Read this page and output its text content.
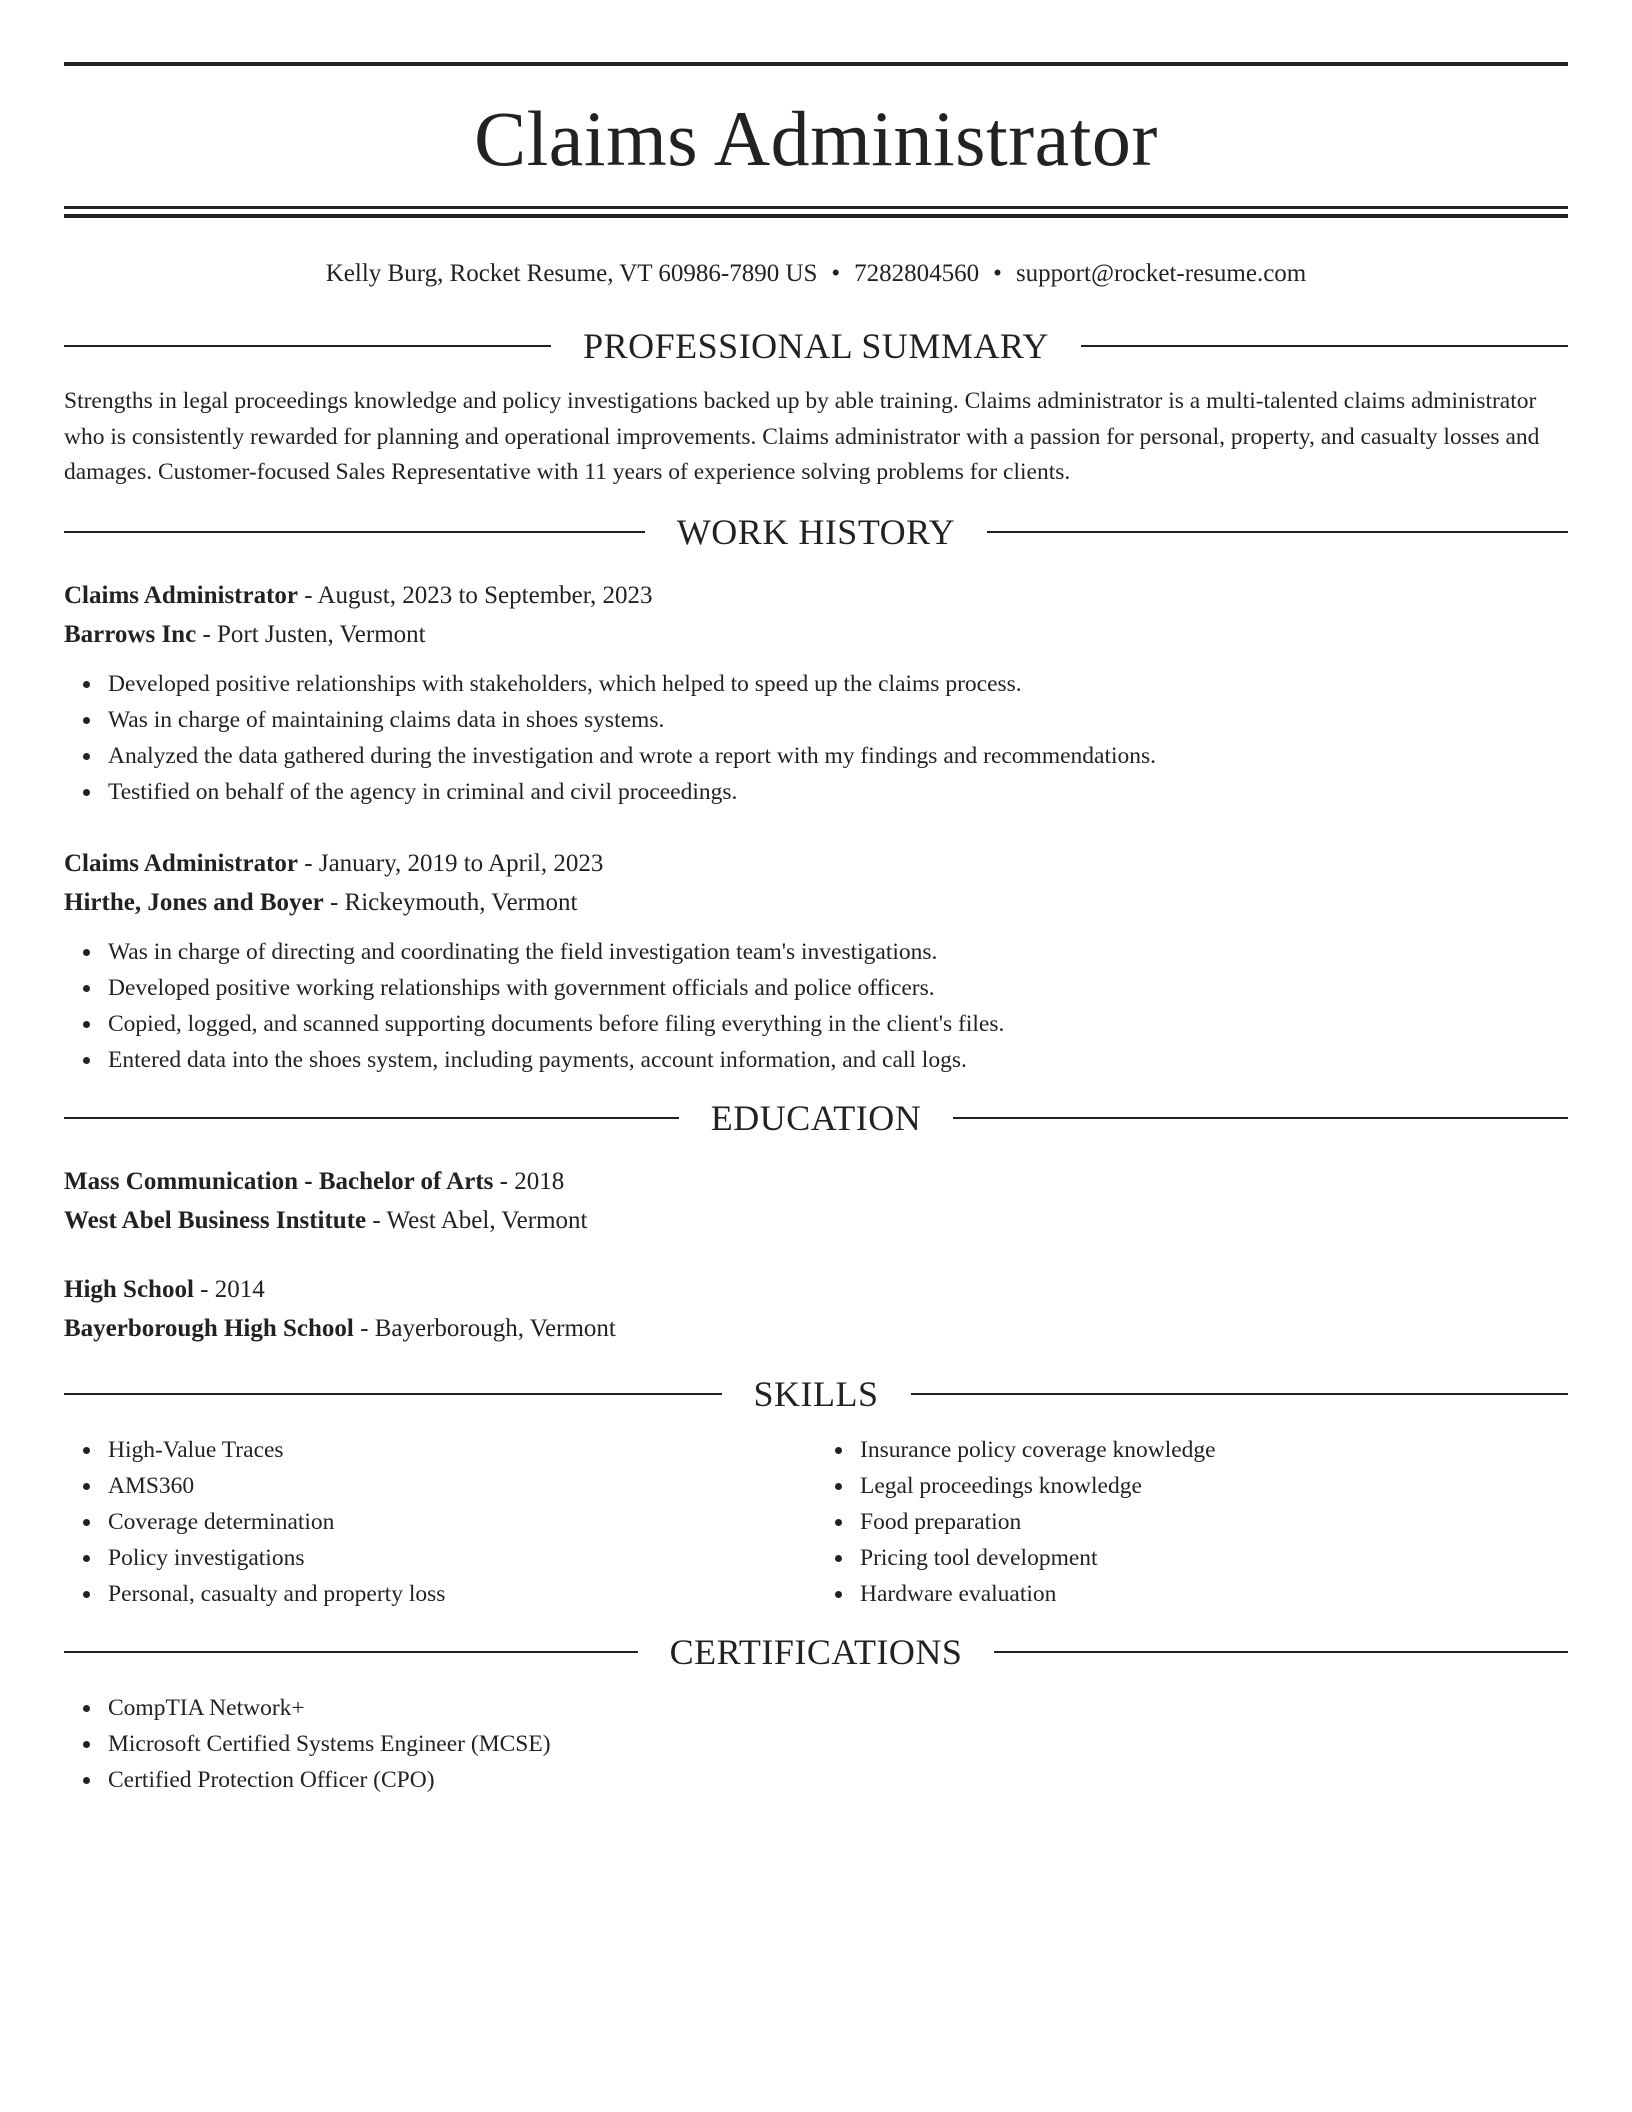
Claims Administrator
Kelly Burg, Rocket Resume, VT 60986-7890 US • 7282804560 • support@rocket-resume.com
PROFESSIONAL SUMMARY

Strengths in legal proceedings knowledge and policy investigations backed up by able training. Claims administrator is a multi-talented claims administrator who is consistently rewarded for planning and operational improvements. Claims administrator with a passion for personal, property, and casualty losses and damages. Customer-focused Sales Representative with 11 years of experience solving problems for clients.

WORK HISTORY
Claims Administrator - August, 2023 to September, 2023
Barrows Inc - Port Justen, Vermont
Developed positive relationships with stakeholders, which helped to speed up the claims process.
Was in charge of maintaining claims data in shoes systems.
Analyzed the data gathered during the investigation and wrote a report with my findings and recommendations.
Testified on behalf of the agency in criminal and civil proceedings.
Claims Administrator - January, 2019 to April, 2023
Hirthe, Jones and Boyer - Rickeymouth, Vermont
Was in charge of directing and coordinating the field investigation team's investigations.
Developed positive working relationships with government officials and police officers.
Copied, logged, and scanned supporting documents before filing everything in the client's files.
Entered data into the shoes system, including payments, account information, and call logs.
EDUCATION
Mass Communication - Bachelor of Arts - 2018
West Abel Business Institute - West Abel, Vermont
High School - 2014
Bayerborough High School - Bayerborough, Vermont
SKILLS
High-Value Traces
AMS360
Coverage determination
Policy investigations
Personal, casualty and property loss
Insurance policy coverage knowledge
Legal proceedings knowledge
Food preparation
Pricing tool development
Hardware evaluation
CERTIFICATIONS
CompTIA Network+
Microsoft Certified Systems Engineer (MCSE)
Certified Protection Officer (CPO)
